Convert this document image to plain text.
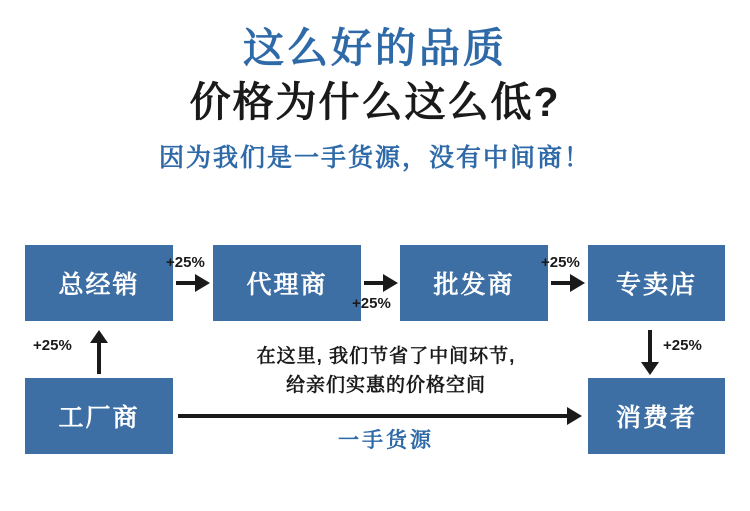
这么好的品质
价格为什么这么低?
因为我们是一手货源，没有中间商！
总经销	代理商	批发商	专卖店
工厂商	消费者
+25%
+25%
+25%
+25%	+25%
在这里, 我们节省了中间环节,
给亲们实惠的价格空间
一手货源
